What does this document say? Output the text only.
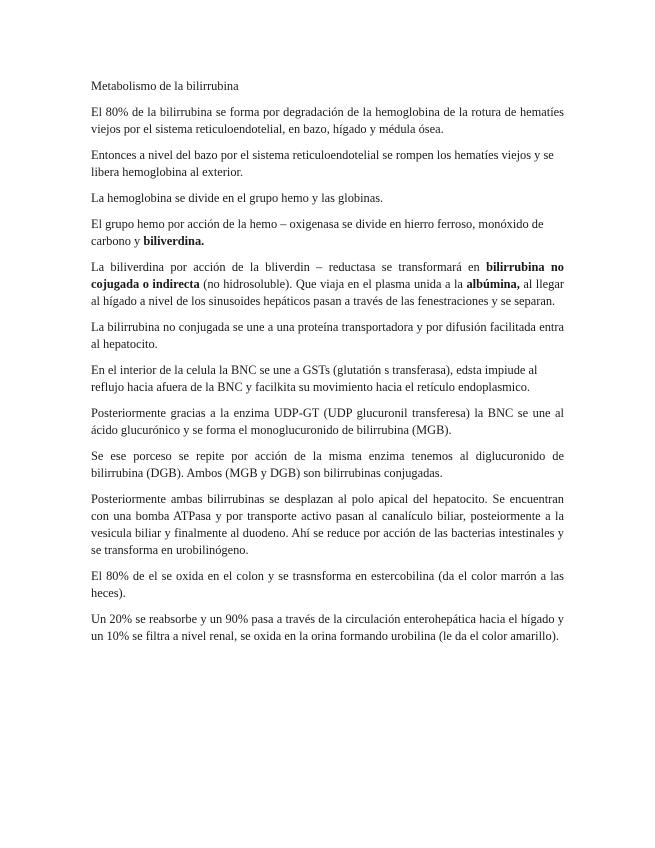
Metabolismo de la bilirrubina

El 80% de la bilirrubina se forma por degradación de la hemoglobina de la rotura de hematíes viejos por el sistema reticuloendotelial, en bazo, hígado y médula ósea.

Entonces a nivel del bazo por el sistema reticuloendotelial se rompen los hematíes viejos y se libera hemoglobina al exterior.

La hemoglobina se divide en el grupo hemo y las globinas.

El grupo hemo por acción de la hemo – oxigenasa se divide en hierro ferroso, monóxido de carbono y biliverdina.

La biliverdina por acción de la bliverdin – reductasa se transformará en bilirrubina no cojugada o indirecta (no hidrosoluble). Que viaja en el plasma unida a la albúmina, al llegar al hígado a nivel de los sinusoides hepáticos pasan a través de las fenestraciones y se separan.

La bilirrubina no conjugada se une a una proteína transportadora y por difusión facilitada entra al hepatocito.

En el interior de la celula la BNC se une a GSTs (glutatión s transferasa), edsta impiude al reflujo hacia afuera de la BNC y facilkita su movimiento hacia el retículo endoplasmico.

Posteriormente gracias a la enzima UDP-GT (UDP glucuronil transferesa) la BNC se une al ácido glucurónico y se forma el monoglucuronido de bilirrubina (MGB).

Se ese porceso se repite por acción de la misma enzima tenemos al diglucuronido de bilirrubina (DGB). Ambos (MGB y DGB) son bilirrubinas conjugadas.

Posteriormente ambas bilirrubinas se desplazan al polo apical del hepatocito. Se encuentran con una bomba ATPasa y por transporte activo pasan al canalículo biliar, posteiormente a la vesicula biliar y finalmente al duodeno. Ahí se reduce por acción de las bacterias intestinales y se transforma en urobilinógeno.

El 80% de el se oxida en el colon y se trasnsforma en estercobilina (da el color marrón a las heces).

Un 20% se reabsorbe y un 90% pasa a través de la circulación enterohepática hacia el hígado y un 10% se filtra a nivel renal, se oxida en la orina formando urobilina (le da el color amarillo).
